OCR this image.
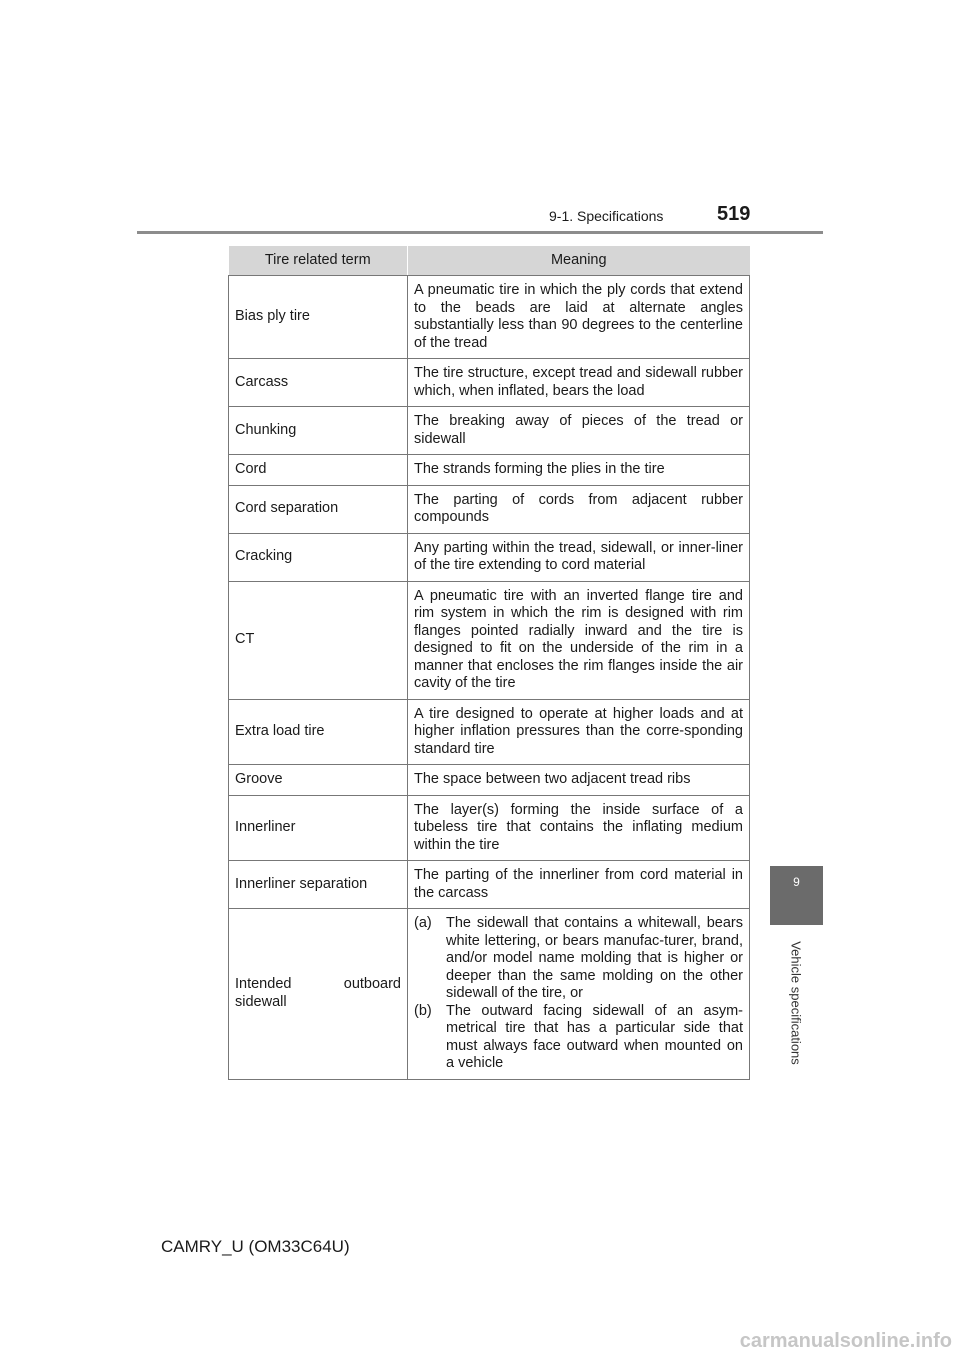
9-1. Specifications	519
9
Vehicle specifications
Tire related term	Meaning
Bias ply tire	A pneumatic tire in which the ply cords that extend to the beads are laid at alternate angles substantially less than 90 degrees to the centerline of the tread
Carcass	The tire structure, except tread and sidewall rubber which, when inflated, bears the load
Chunking	The breaking away of pieces of the tread or sidewall
Cord	The strands forming the plies in the tire
Cord separation	The parting of cords from adjacent rubber compounds
Cracking	Any parting within the tread, sidewall, or inner-liner of the tire extending to cord material
CT	A pneumatic tire with an inverted flange tire and rim system in which the rim is designed with rim flanges pointed radially inward and the tire is designed to fit on the underside of the rim in a manner that encloses the rim flanges inside the air cavity of the tire
Extra load tire	A tire designed to operate at higher loads and at higher inflation pressures than the corre-sponding standard tire
Groove	The space between two adjacent tread ribs
Innerliner	The layer(s) forming the inside surface of a tubeless tire that contains the inflating medium within the tire
Innerliner separation	The parting of the innerliner from cord material in the carcass
Intended outboard sidewall	(a) The sidewall that contains a whitewall, bears white lettering, or bears manufac-turer, brand, and/or model name molding that is higher or deeper than the same molding on the other sidewall of the tire, or
(b) The outward facing sidewall of an asym-metrical tire that has a particular side that must always face outward when mounted on a vehicle
CAMRY_U (OM33C64U)
carmanualsonline.info
